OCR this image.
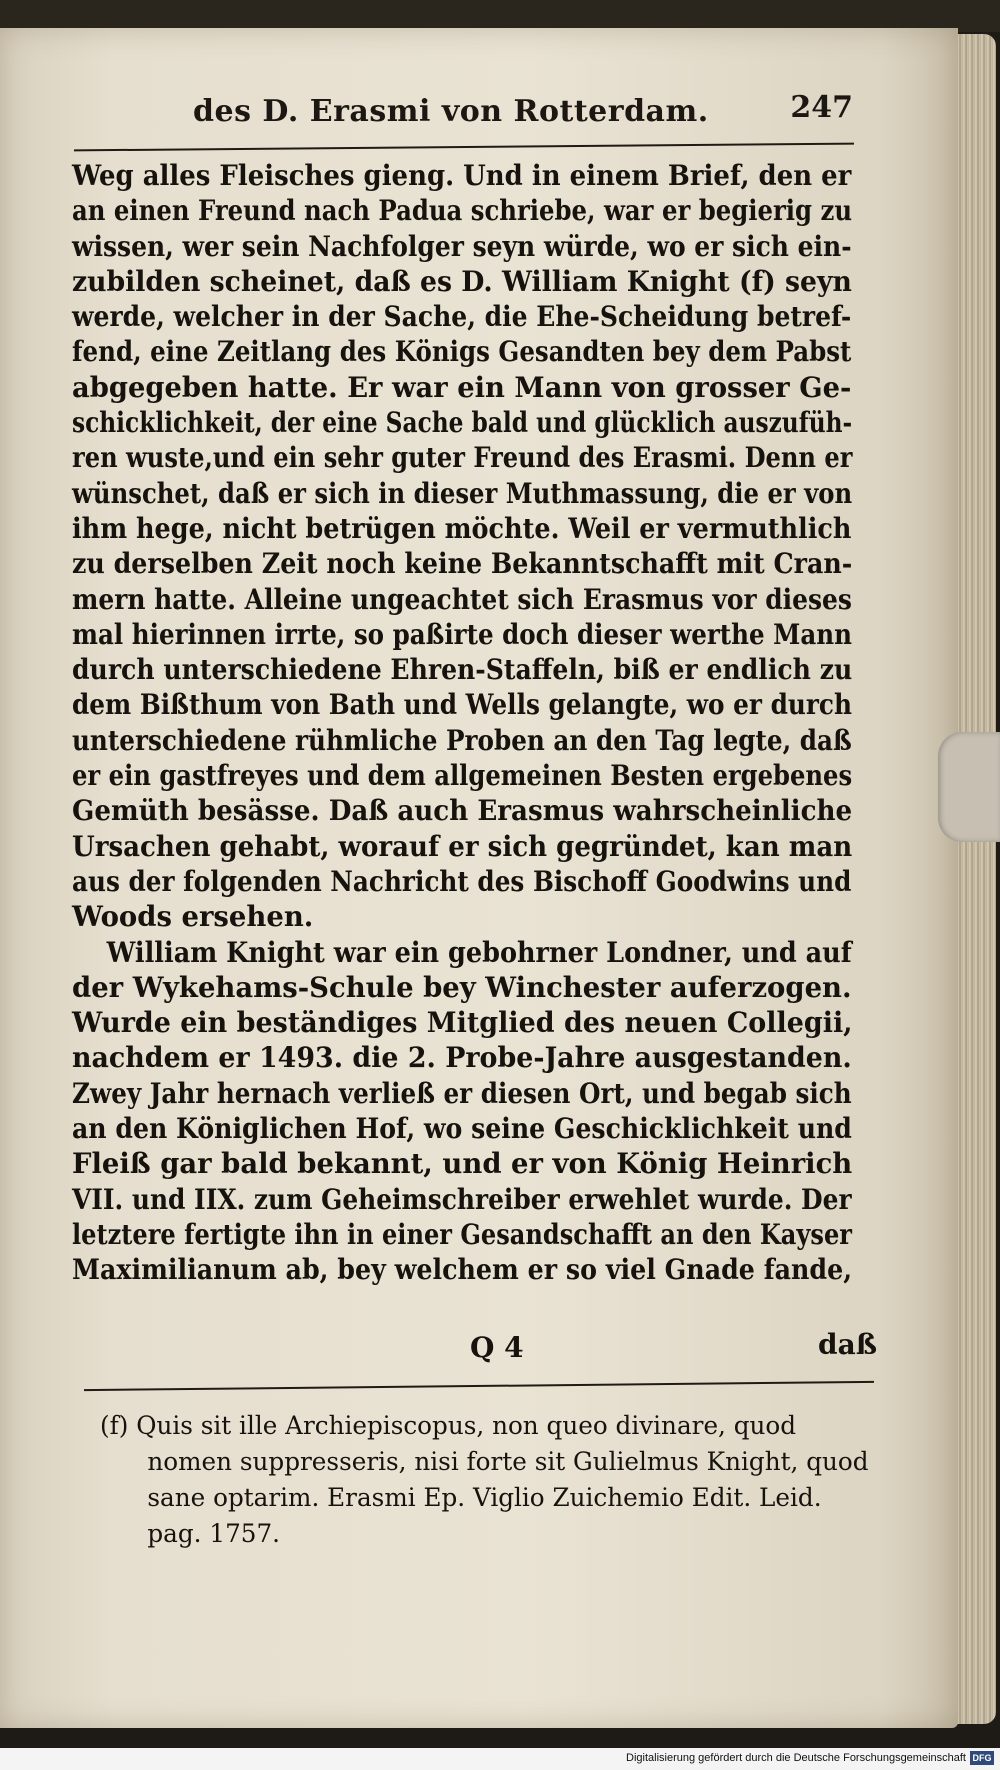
des D. Erasmi von Rotterdam.	247
Weg alles Fleisches gieng. Und in einem Brief, den er
an einen Freund nach Padua schriebe, war er begierig zu
wissen, wer sein Nachfolger seyn würde, wo er sich ein-
zubilden scheinet, daß es D. William Knight (f) seyn
werde, welcher in der Sache, die Ehe-Scheidung betref-
fend, eine Zeitlang des Königs Gesandten bey dem Pabst
abgegeben hatte. Er war ein Mann von grosser Ge-
schicklichkeit, der eine Sache bald und glücklich auszufüh-
ren wuste,und ein sehr guter Freund des Erasmi. Denn er
wünschet, daß er sich in dieser Muthmassung, die er von
ihm hege, nicht betrügen möchte. Weil er vermuthlich
zu derselben Zeit noch keine Bekanntschafft mit Cran-
mern hatte. Alleine ungeachtet sich Erasmus vor dieses
mal hierinnen irrte, so paßirte doch dieser werthe Mann
durch unterschiedene Ehren-Staffeln, biß er endlich zu
dem Bißthum von Bath und Wells gelangte, wo er durch
unterschiedene rühmliche Proben an den Tag legte, daß
er ein gastfreyes und dem allgemeinen Besten ergebenes
Gemüth besässe. Daß auch Erasmus wahrscheinliche
Ursachen gehabt, worauf er sich gegründet, kan man
aus der folgenden Nachricht des Bischoff Goodwins und
Woods ersehen.
William Knight war ein gebohrner Londner, und auf
der Wykehams-Schule bey Winchester auferzogen.
Wurde ein beständiges Mitglied des neuen Collegii,
nachdem er 1493. die 2. Probe-Jahre ausgestanden.
Zwey Jahr hernach verließ er diesen Ort, und begab sich
an den Königlichen Hof, wo seine Geschicklichkeit und
Fleiß gar bald bekannt, und er von König Heinrich
VII. und IIX. zum Geheimschreiber erwehlet wurde. Der
letztere fertigte ihn in einer Gesandschafft an den Kayser
Maximilianum ab, bey welchem er so viel Gnade fande,
Q 4	daß
(f) Quis sit ille Archiepiscopus, non queo divinare, quod
nomen suppresseris, nisi forte sit Gulielmus Knight, quod
sane optarim. Erasmi Ep. Viglio Zuichemio Edit. Leid.
pag. 1757.
Digitalisierung gefördert durch die Deutsche Forschungsgemeinschaft DFG
